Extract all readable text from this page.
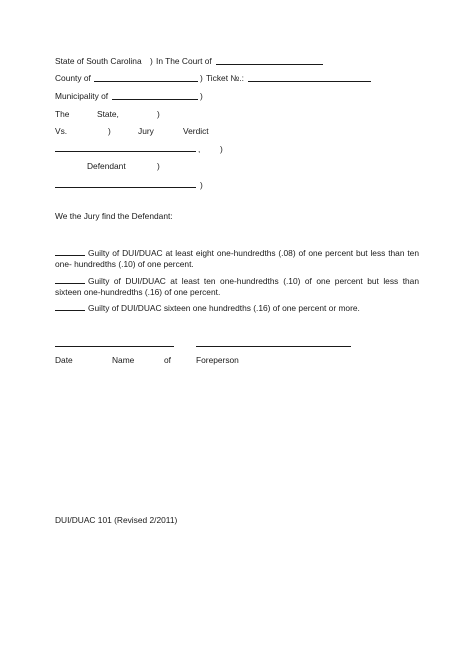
State of South Carolina ) In The Court of
County of	) Ticket №.:
Municipality of	)
The	State,	)
Vs.	)	Jury	Verdict
, )
Defendant	)
)
We the Jury find the Defendant:
Guilty of DUI/DUAC at least eight one-hundredths (.08) of one percent but less than ten one- hundredths (.10) of one percent.
Guilty of DUI/DUAC at least ten one-hundredths (.10) of one percent but less than sixteen one-hundredths (.16) of one percent.
Guilty of DUI/DUAC sixteen one hundredths (.16) of one percent or more.
Date	Name	of	Foreperson
DUI/DUAC 101 (Revised 2/2011)
